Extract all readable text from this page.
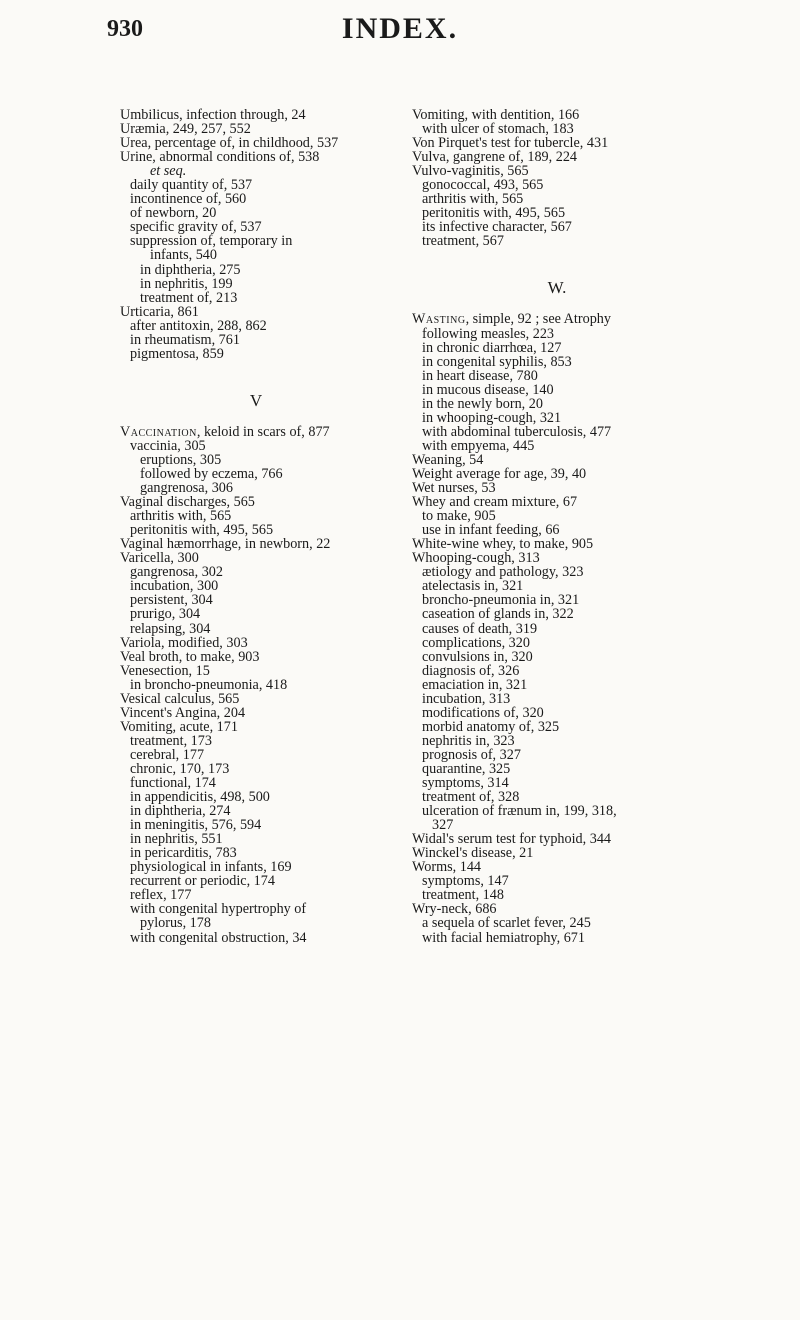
930	INDEX.
Umbilicus, infection through, 24
Uræmia, 249, 257, 552
Urea, percentage of, in childhood, 537
Urine, abnormal conditions of, 538
et seq.
daily quantity of, 537
incontinence of, 560
of newborn, 20
specific gravity of, 537
suppression of, temporary in
infants, 540
in diphtheria, 275
in nephritis, 199
treatment of, 213
Urticaria, 861
after antitoxin, 288, 862
in rheumatism, 761
pigmentosa, 859
V
Vaccination, keloid in scars of, 877
vaccinia, 305
eruptions, 305
followed by eczema, 766
gangrenosa, 306
Vaginal discharges, 565
arthritis with, 565
peritonitis with, 495, 565
Vaginal hæmorrhage, in newborn, 22
Varicella, 300
gangrenosa, 302
incubation, 300
persistent, 304
prurigo, 304
relapsing, 304
Variola, modified, 303
Veal broth, to make, 903
Venesection, 15
in broncho-pneumonia, 418
Vesical calculus, 565
Vincent's Angina, 204
Vomiting, acute, 171
treatment, 173
cerebral, 177
chronic, 170, 173
functional, 174
in appendicitis, 498, 500
in diphtheria, 274
in meningitis, 576, 594
in nephritis, 551
in pericarditis, 783
physiological in infants, 169
recurrent or periodic, 174
reflex, 177
with congenital hypertrophy of
pylorus, 178
with congenital obstruction, 34
Vomiting, with dentition, 166
with ulcer of stomach, 183
Von Pirquet's test for tubercle, 431
Vulva, gangrene of, 189, 224
Vulvo-vaginitis, 565
gonococcal, 493, 565
arthritis with, 565
peritonitis with, 495, 565
its infective character, 567
treatment, 567
W.
Wasting, simple, 92 ; see Atrophy
following measles, 223
in chronic diarrhœa, 127
in congenital syphilis, 853
in heart disease, 780
in mucous disease, 140
in the newly born, 20
in whooping-cough, 321
with abdominal tuberculosis, 477
with empyema, 445
Weaning, 54
Weight average for age, 39, 40
Wet nurses, 53
Whey and cream mixture, 67
to make, 905
use in infant feeding, 66
White-wine whey, to make, 905
Whooping-cough, 313
ætiology and pathology, 323
atelectasis in, 321
broncho-pneumonia in, 321
caseation of glands in, 322
causes of death, 319
complications, 320
convulsions in, 320
diagnosis of, 326
emaciation in, 321
incubation, 313
modifications of, 320
morbid anatomy of, 325
nephritis in, 323
prognosis of, 327
quarantine, 325
symptoms, 314
treatment of, 328
ulceration of frænum in, 199, 318,
327
Widal's serum test for typhoid, 344
Winckel's disease, 21
Worms, 144
symptoms, 147
treatment, 148
Wry-neck, 686
a sequela of scarlet fever, 245
with facial hemiatrophy, 671
